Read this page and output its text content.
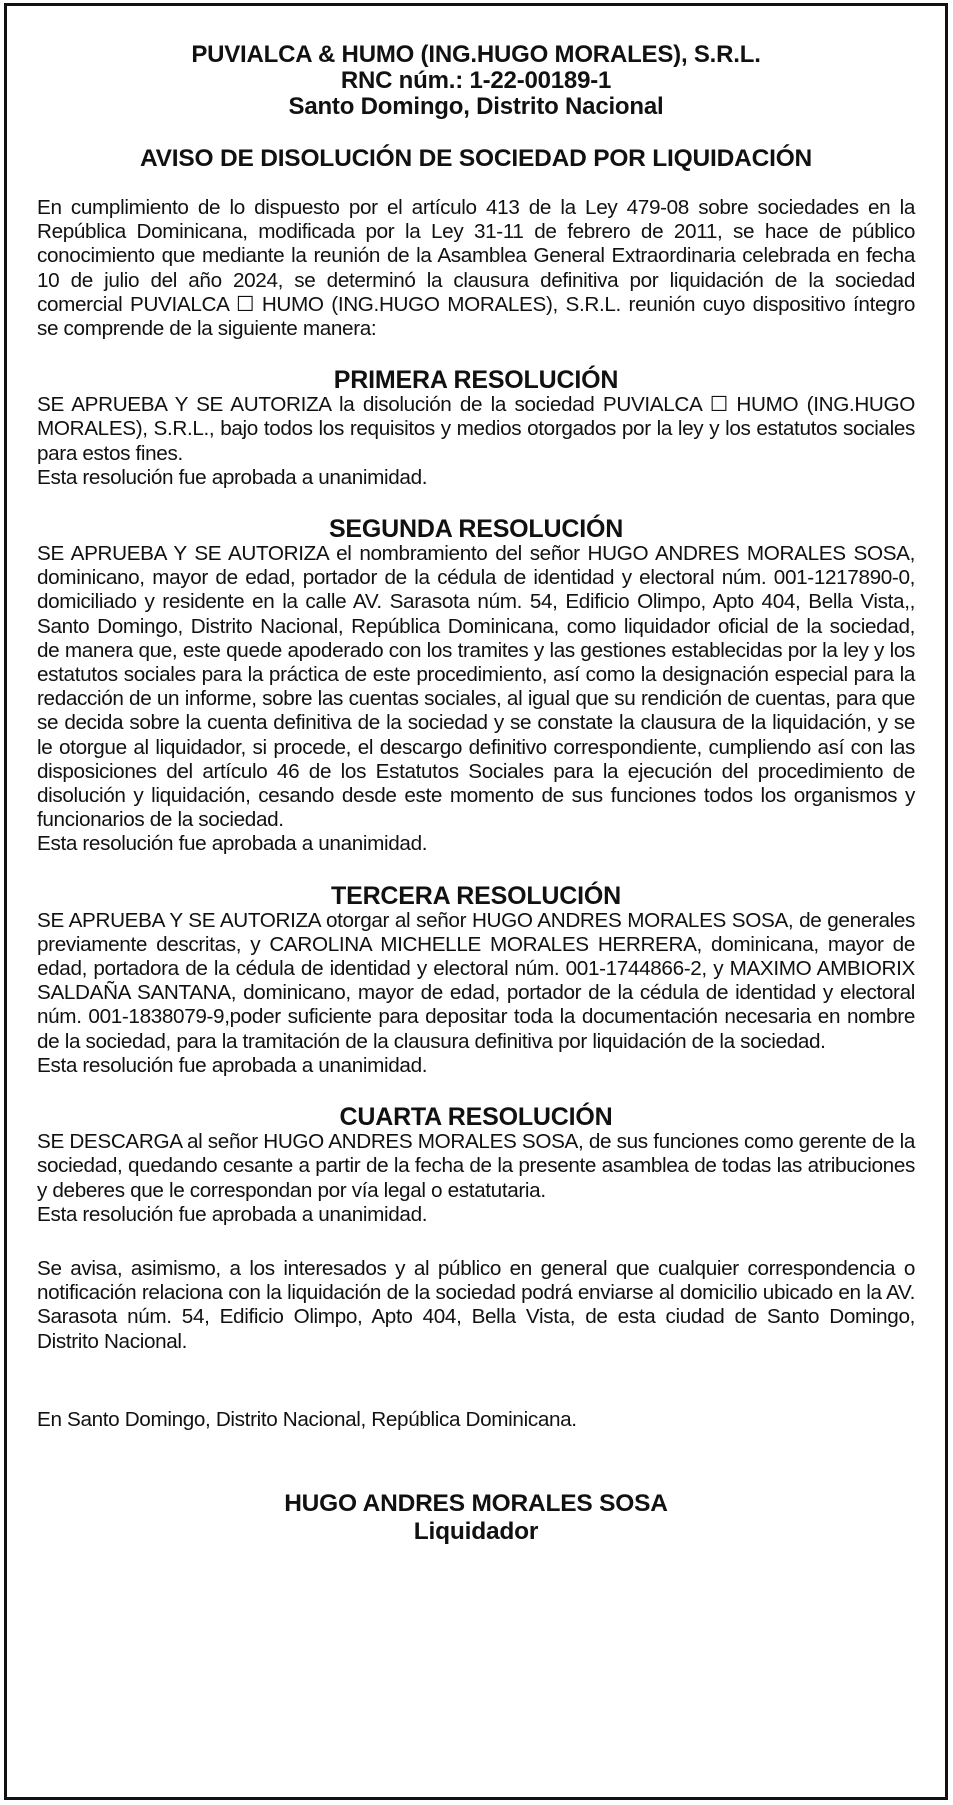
PUVIALCA & HUMO (ING.HUGO MORALES), S.R.L.
RNC núm.: 1-22-00189-1
Santo Domingo, Distrito Nacional
AVISO DE DISOLUCIÓN DE SOCIEDAD POR LIQUIDACIÓN

En cumplimiento de lo dispuesto por el artículo 413 de la Ley 479-08 sobre sociedades en la República Dominicana, modificada por la Ley 31-11 de febrero de 2011, se hace de público conocimiento que mediante la reunión de la Asamblea General Extraordinaria celebrada en fecha 10 de julio del año 2024, se determinó la clausura definitiva por liquidación de la sociedad comercial PUVIALCA ☐ HUMO (ING.HUGO MORALES), S.R.L. reunión cuyo dispositivo íntegro se comprende de la siguiente manera:

PRIMERA RESOLUCIÓN

SE APRUEBA Y SE AUTORIZA la disolución de la sociedad PUVIALCA ☐ HUMO (ING.HUGO MORALES), S.R.L., bajo todos los requisitos y medios otorgados por la ley y los estatutos sociales para estos fines.

Esta resolución fue aprobada a unanimidad.
SEGUNDA RESOLUCIÓN

SE APRUEBA Y SE AUTORIZA el nombramiento del señor HUGO ANDRES MORALES SOSA, dominicano, mayor de edad, portador de la cédula de identidad y electoral núm. 001-1217890-0, domiciliado y residente en la calle AV. Sarasota núm. 54, Edificio Olimpo, Apto 404, Bella Vista,, Santo Domingo, Distrito Nacional, República Dominicana, como liquidador oficial de la sociedad, de manera que, este quede apoderado con los tramites y las gestiones establecidas por la ley y los estatutos sociales para la práctica de este procedimiento, así como la designación especial para la redacción de un informe, sobre las cuentas sociales, al igual que su rendición de cuentas, para que se decida sobre la cuenta definitiva de la sociedad y se constate la clausura de la liquidación, y se le otorgue al liquidador, si procede, el descargo definitivo correspondiente, cumpliendo así con las disposiciones del artículo 46 de los Estatutos Sociales para la ejecución del procedimiento de disolución y liquidación, cesando desde este momento de sus funciones todos los organismos y funcionarios de la sociedad.

Esta resolución fue aprobada a unanimidad.
TERCERA RESOLUCIÓN

SE APRUEBA Y SE AUTORIZA otorgar al señor HUGO ANDRES MORALES SOSA, de generales previamente descritas, y CAROLINA MICHELLE MORALES HERRERA, dominicana, mayor de edad, portadora de la cédula de identidad y electoral núm. 001-1744866-2, y MAXIMO AMBIORIX SALDAÑA SANTANA, dominicano, mayor de edad, portador de la cédula de identidad y electoral núm. 001-1838079-9,poder suficiente para depositar toda la documentación necesaria en nombre de la sociedad, para la tramitación de la clausura definitiva por liquidación de la sociedad.

Esta resolución fue aprobada a unanimidad.
CUARTA RESOLUCIÓN

SE DESCARGA al señor HUGO ANDRES MORALES SOSA, de sus funciones como gerente de la sociedad, quedando cesante a partir de la fecha de la presente asamblea de todas las atribuciones y deberes que le correspondan por vía legal o estatutaria.

Esta resolución fue aprobada a unanimidad.

Se avisa, asimismo, a los interesados y al público en general que cualquier correspondencia o notificación relaciona con la liquidación de la sociedad podrá enviarse al domicilio ubicado en la AV. Sarasota núm. 54, Edificio Olimpo, Apto 404, Bella Vista, de esta ciudad de Santo Domingo, Distrito Nacional.

En Santo Domingo, Distrito Nacional, República Dominicana.
HUGO ANDRES MORALES SOSA
Liquidador
